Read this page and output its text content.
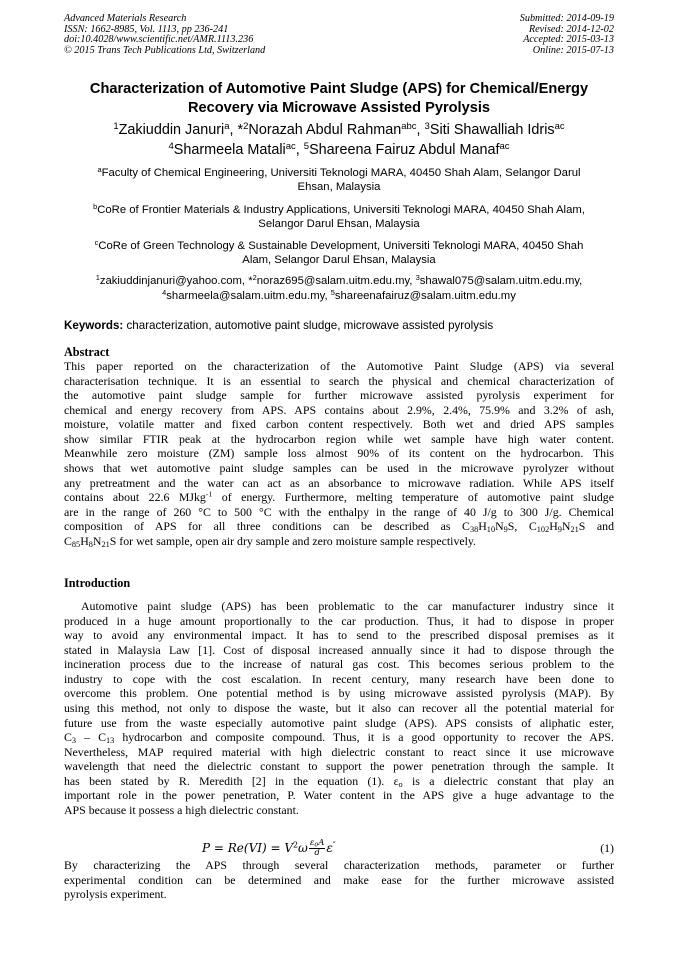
Advanced Materials Research
ISSN: 1662-8985, Vol. 1113, pp 236-241
doi:10.4028/www.scientific.net/AMR.1113.236
© 2015 Trans Tech Publications Ltd, Switzerland
Submitted: 2014-09-19
Revised: 2014-12-02
Accepted: 2015-03-13
Online: 2015-07-13
Characterization of Automotive Paint Sludge (APS) for Chemical/Energy
Recovery via Microwave Assisted Pyrolysis
$^1$Zakiuddin Januri$^a$, *$^2$Norazah Abdul Rahman$^{abc}$, $^3$Siti Shawalliah Idris$^{ac}$
$^4$Sharmeela Matali$^{ac}$, $^5$Shareena Fairuz Abdul Manaf$^{ac}$
$^a$Faculty of Chemical Engineering, Universiti Teknologi MARA, 40450 Shah Alam, Selangor Darul
Ehsan, Malaysia
$^b$CoRe of Frontier Materials & Industry Applications, Universiti Teknologi MARA, 40450 Shah Alam,
Selangor Darul Ehsan, Malaysia
$^c$CoRe of Green Technology & Sustainable Development, Universiti Teknologi MARA, 40450 Shah
Alam, Selangor Darul Ehsan, Malaysia
$^1$zakiuddinjanuri@yahoo.com, *$^2$noraz695@salam.uitm.edu.my, $^3$shawal075@salam.uitm.edu.my,
$^4$sharmeela@salam.uitm.edu.my, $^5$shareenafairuz@salam.uitm.edu.my
Keywords: characterization, automotive paint sludge, microwave assisted pyrolysis
Abstract
This paper reported on the characterization of the Automotive Paint Sludge (APS) via several
characterisation technique. It is an essential to search the physical and chemical characterization of
the automotive paint sludge sample for further microwave assisted pyrolysis experiment for
chemical and energy recovery from APS. APS contains about 2.9%, 2.4%, 75.9% and 3.2% of ash,
moisture, volatile matter and fixed carbon content respectively. Both wet and dried APS samples
show similar FTIR peak at the hydrocarbon region while wet sample have high water content.
Meanwhile zero moisture (ZM) sample loss almost 90% of its content on the hydrocarbon. This
shows that wet automotive paint sludge samples can be used in the microwave pyrolyzer without
any pretreatment and the water can act as an absorbance to microwave radiation. While APS itself
contains about 22.6 MJkg$^{-1}$ of energy. Furthermore, melting temperature of automotive paint sludge
are in the range of 260 °C to 500 °C with the enthalpy in the range of 40 J/g to 300 J/g. Chemical
composition of APS for all three conditions can be described as $C_{38}H_{10}N_9S$, $C_{102}H_9N_{21}S$ and
$C_{85}H_8N_{21}S$ for wet sample, open air dry sample and zero moisture sample respectively.
Introduction
Automotive paint sludge (APS) has been problematic to the car manufacturer industry since it
produced in a huge amount proportionally to the car production. Thus, it had to dispose in proper
way to avoid any environmental impact. It has to send to the prescribed disposal premises as it
stated in Malaysia Law [1]. Cost of disposal increased annually since it had to dispose through the
incineration process due to the increase of natural gas cost. This becomes serious problem to the
industry to cope with the cost escalation. In recent century, many research have been done to
overcome this problem. One potential method is by using microwave assisted pyrolysis (MAP). By
using this method, not only to dispose the waste, but it also can recover all the potential material for
future use from the waste especially automotive paint sludge (APS). APS consists of aliphatic ester,
$C_3 - C_{13}$ hydrocarbon and composite compound. Thus, it is a good opportunity to recover the APS.
Nevertheless, MAP required material with high dielectric constant to react since it use microwave
wavelength that need the dielectric constant to support the power penetration through the sample. It
has been stated by R. Meredith [2] in the equation (1). $\varepsilon_o$ is a dielectric constant that play an
important role in the power penetration, P. Water content in the APS give a huge advantage to the
APS because it possess a high dielectric constant.
$P = Re(VI) = V^2\omega \frac{\varepsilon_0A}{d} \varepsilon''$	(1)
By characterizing the APS through several characterization methods, parameter or further
experimental condition can be determined and make ease for the further microwave assisted
pyrolysis experiment.
